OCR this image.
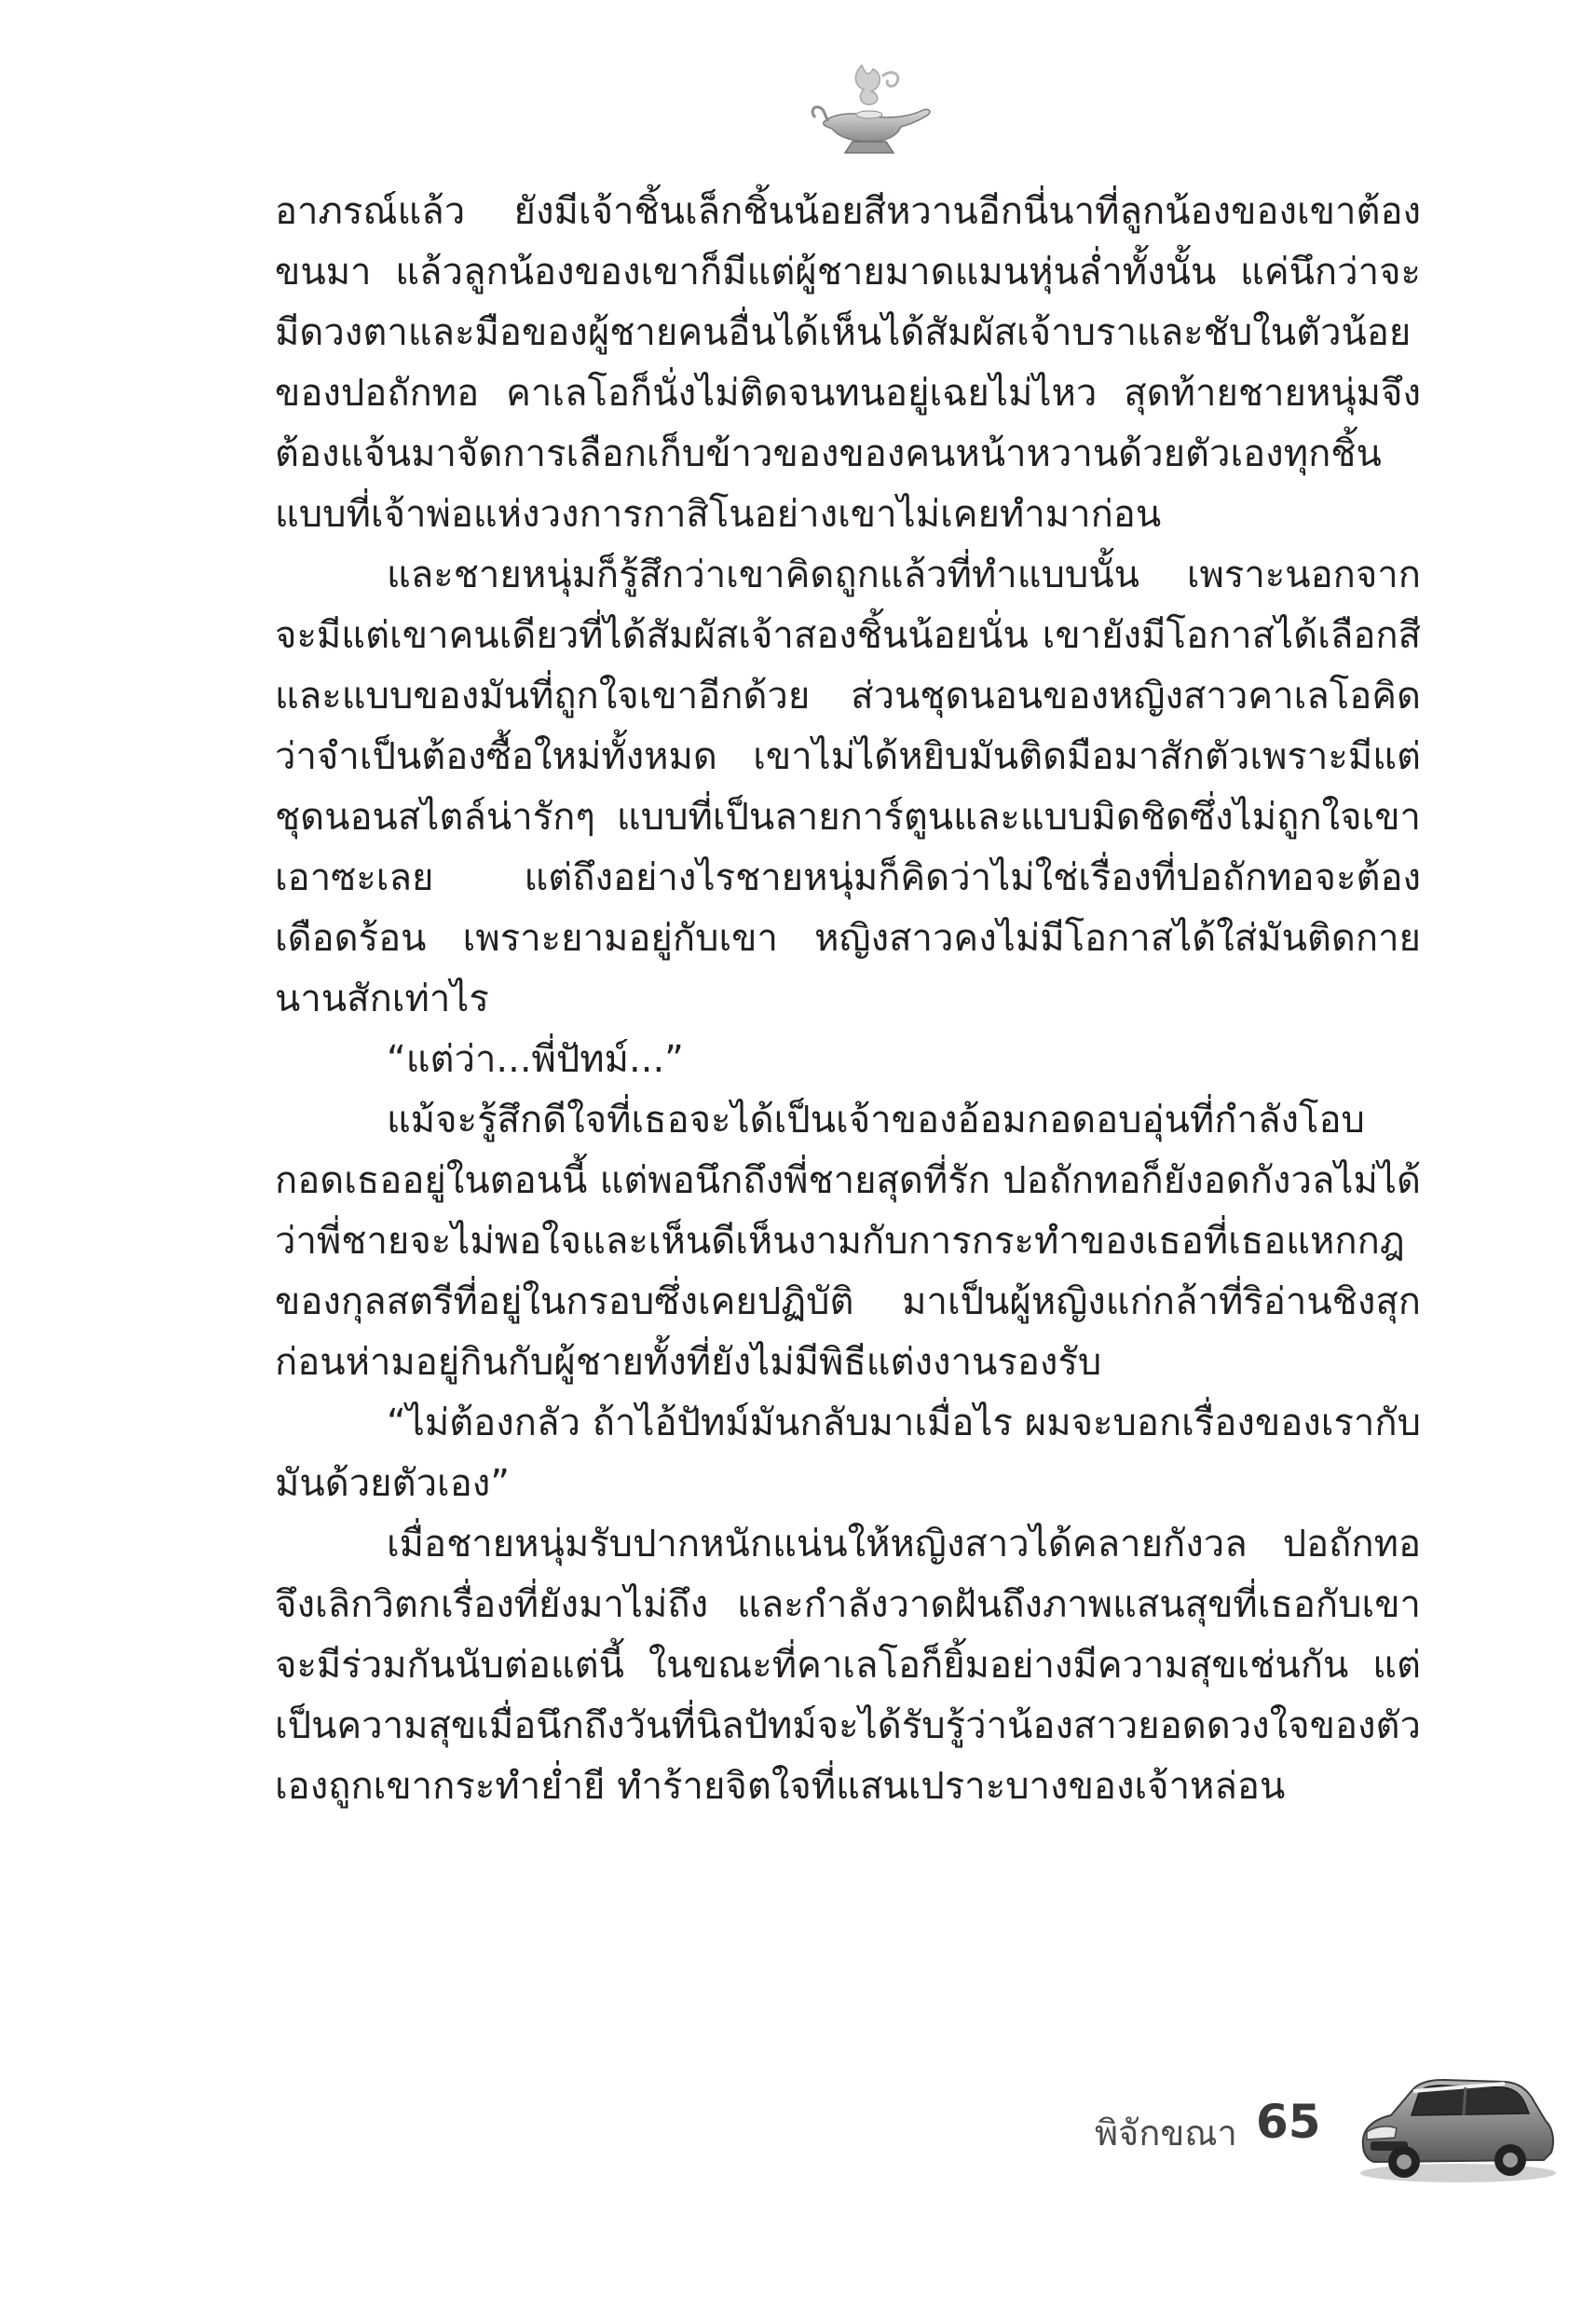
อาภรณ์แล้ว ยังมีเจ้าชิ้นเล็กชิ้นน้อยสีหวานอีกนี่นาที่ลูกน้องของเขาต้องขนมา แล้วลูกน้องของเขาก็มีแต่ผู้ชายมาดแมนหุ่นล่ำทั้งนั้น แค่นึกว่าจะมีดวงตาและมือของผู้ชายคนอื่นได้เห็นได้สัมผัสเจ้าบราและชับในตัวน้อยของปอถักทอ คาเลโอก็นั่งไม่ติดจนทนอยู่เฉยไม่ไหว สุดท้ายชายหนุ่มจึงต้องแจ้นมาจัดการเลือกเก็บข้าวของของคนหน้าหวานด้วยตัวเองทุกชิ้นแบบที่เจ้าพ่อแห่งวงการกาสิโนอย่างเขาไม่เคยทำมาก่อน

และชายหนุ่มก็รู้สึกว่าเขาคิดถูกแล้วที่ทำแบบนั้น เพราะนอกจากจะมีแต่เขาคนเดียวที่ได้สัมผัสเจ้าสองชิ้นน้อยนั่น เขายังมีโอกาสได้เลือกสีและแบบของมันที่ถูกใจเขาอีกด้วย ส่วนชุดนอนของหญิงสาวคาเลโอคิดว่าจำเป็นต้องซื้อใหม่ทั้งหมด เขาไม่ได้หยิบมันติดมือมาสักตัวเพราะมีแต่ชุดนอนสไตล์น่ารักๆ แบบที่เป็นลายการ์ตูนและแบบมิดชิดซึ่งไม่ถูกใจเขาเอาซะเลย แต่ถึงอย่างไรชายหนุ่มก็คิดว่าไม่ใช่เรื่องที่ปอถักทอจะต้องเดือดร้อน เพราะยามอยู่กับเขา หญิงสาวคงไม่มีโอกาสได้ใส่มันติดกายนานสักเท่าไร

“แต่ว่า...พี่ปัทม์...”

แม้จะรู้สึกดีใจที่เธอจะได้เป็นเจ้าของอ้อมกอดอบอุ่นที่กำลังโอบกอดเธออยู่ในตอนนี้ แต่พอนึกถึงพี่ชายสุดที่รัก ปอถักทอก็ยังอดกังวลไม่ได้ว่าพี่ชายจะไม่พอใจและเห็นดีเห็นงามกับการกระทำของเธอที่เธอแหกกฎของกุลสตรีที่อยู่ในกรอบซึ่งเคยปฏิบัติ มาเป็นผู้หญิงแก่กล้าที่ริอ่านชิงสุกก่อนห่ามอยู่กินกับผู้ชายทั้งที่ยังไม่มีพิธีแต่งงานรองรับ

“ไม่ต้องกลัว ถ้าไอ้ปัทม์มันกลับมาเมื่อไร ผมจะบอกเรื่องของเรากับมันด้วยตัวเอง”

เมื่อชายหนุ่มรับปากหนักแน่นให้หญิงสาวได้คลายกังวล ปอถักทอจึงเลิกวิตกเรื่องที่ยังมาไม่ถึง และกำลังวาดฝันถึงภาพแสนสุขที่เธอกับเขาจะมีร่วมกันนับต่อแต่นี้ ในขณะที่คาเลโอก็ยิ้มอย่างมีความสุขเช่นกัน แต่เป็นความสุขเมื่อนึกถึงวันที่นิลปัทม์จะได้รับรู้ว่าน้องสาวยอดดวงใจของตัวเองถูกเขากระทำย่ำยี ทำร้ายจิตใจที่แสนเปราะบางของเจ้าหล่อน

พิจักขณา 65
